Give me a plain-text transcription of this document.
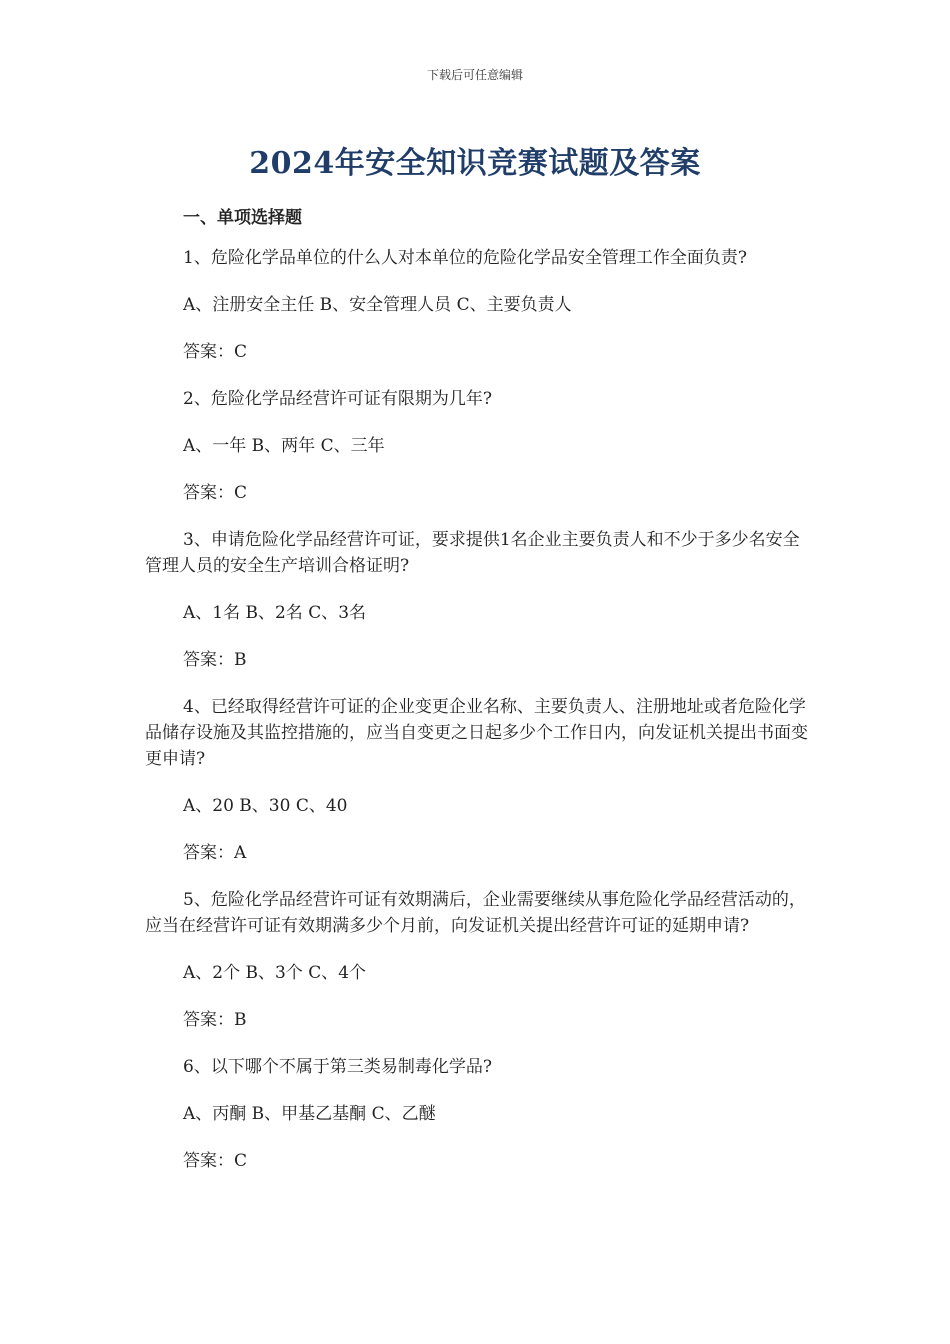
下载后可任意编辑
2024年安全知识竞赛试题及答案
一、单项选择题
1、危险化学品单位的什么人对本单位的危险化学品安全管理工作全面负责?
A、注册安全主任 B、安全管理人员 C、主要负责人
答案：C
2、危险化学品经营许可证有限期为几年?
A、一年 B、两年 C、三年
答案：C
3、申请危险化学品经营许可证，要求提供1名企业主要负责人和不少于多少名安全管理人员的安全生产培训合格证明?
A、1名 B、2名 C、3名
答案：B
4、已经取得经营许可证的企业变更企业名称、主要负责人、注册地址或者危险化学品储存设施及其监控措施的，应当自变更之日起多少个工作日内，向发证机关提出书面变更申请?
A、20 B、30 C、40
答案：A
5、危险化学品经营许可证有效期满后，企业需要继续从事危险化学品经营活动的，应当在经营许可证有效期满多少个月前，向发证机关提出经营许可证的延期申请?
A、2个 B、3个 C、4个
答案：B
6、以下哪个不属于第三类易制毒化学品?
A、丙酮 B、甲基乙基酮 C、乙醚
答案：C
